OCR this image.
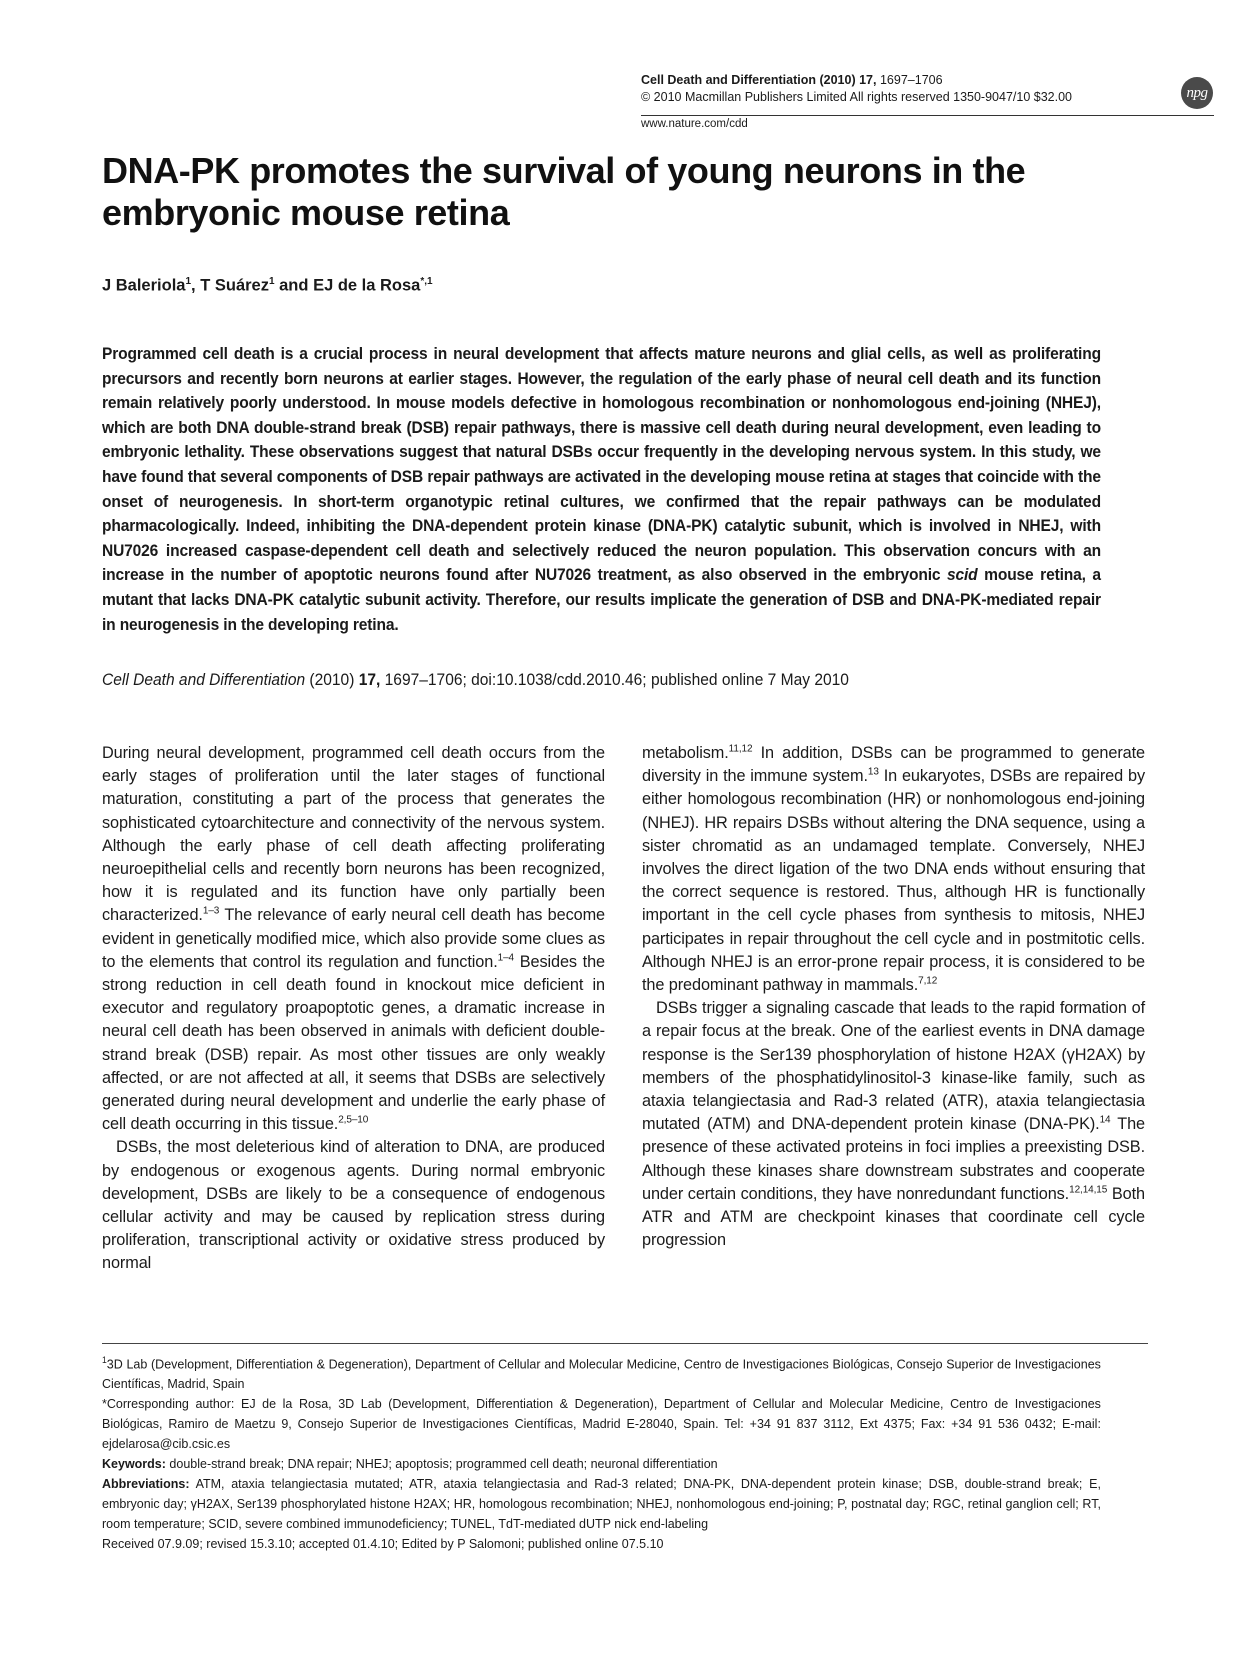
Cell Death and Differentiation (2010) 17, 1697–1706
© 2010 Macmillan Publishers Limited All rights reserved 1350-9047/10 $32.00	npg
www.nature.com/cdd
DNA-PK promotes the survival of young neurons in the embryonic mouse retina
J Baleriola$^1$, T Suárez$^1$ and EJ de la Rosa$^{*,1}$

Programmed cell death is a crucial process in neural development that affects mature neurons and glial cells, as well as proliferating precursors and recently born neurons at earlier stages. However, the regulation of the early phase of neural cell death and its function remain relatively poorly understood. In mouse models defective in homologous recombination or nonhomologous end-joining (NHEJ), which are both DNA double-strand break (DSB) repair pathways, there is massive cell death during neural development, even leading to embryonic lethality. These observations suggest that natural DSBs occur frequently in the developing nervous system. In this study, we have found that several components of DSB repair pathways are activated in the developing mouse retina at stages that coincide with the onset of neurogenesis. In short-term organotypic retinal cultures, we confirmed that the repair pathways can be modulated pharmacologically. Indeed, inhibiting the DNA-dependent protein kinase (DNA-PK) catalytic subunit, which is involved in NHEJ, with NU7026 increased caspase-dependent cell death and selectively reduced the neuron population. This observation concurs with an increase in the number of apoptotic neurons found after NU7026 treatment, as also observed in the embryonic scid mouse retina, a mutant that lacks DNA-PK catalytic subunit activity. Therefore, our results implicate the generation of DSB and DNA-PK-mediated repair in neurogenesis in the developing retina.

Cell Death and Differentiation (2010) 17, 1697–1706; doi:10.1038/cdd.2010.46; published online 7 May 2010

During neural development, programmed cell death occurs from the early stages of proliferation until the later stages of functional maturation, constituting a part of the process that generates the sophisticated cytoarchitecture and connectivity of the nervous system. Although the early phase of cell death affecting proliferating neuroepithelial cells and recently born neurons has been recognized, how it is regulated and its function have only partially been characterized.$^{1-3}$ The relevance of early neural cell death has become evident in genetically modified mice, which also provide some clues as to the elements that control its regulation and function.$^{1-4}$ Besides the strong reduction in cell death found in knockout mice deficient in executor and regulatory proapoptotic genes, a dramatic increase in neural cell death has been observed in animals with deficient double-strand break (DSB) repair. As most other tissues are only weakly affected, or are not affected at all, it seems that DSBs are selectively generated during neural development and underlie the early phase of cell death occurring in this tissue.$^{2,5-10}$

DSBs, the most deleterious kind of alteration to DNA, are produced by endogenous or exogenous agents. During normal embryonic development, DSBs are likely to be a consequence of endogenous cellular activity and may be caused by replication stress during proliferation, transcriptional activity or oxidative stress produced by normal

metabolism.$^{11,12}$ In addition, DSBs can be programmed to generate diversity in the immune system.$^{13}$ In eukaryotes, DSBs are repaired by either homologous recombination (HR) or nonhomologous end-joining (NHEJ). HR repairs DSBs without altering the DNA sequence, using a sister chromatid as an undamaged template. Conversely, NHEJ involves the direct ligation of the two DNA ends without ensuring that the correct sequence is restored. Thus, although HR is functionally important in the cell cycle phases from synthesis to mitosis, NHEJ participates in repair throughout the cell cycle and in postmitotic cells. Although NHEJ is an error-prone repair process, it is considered to be the predominant pathway in mammals.$^{7,12}$

DSBs trigger a signaling cascade that leads to the rapid formation of a repair focus at the break. One of the earliest events in DNA damage response is the Ser139 phosphorylation of histone H2AX (γH2AX) by members of the phosphatidylinositol-3 kinase-like family, such as ataxia telangiectasia and Rad-3 related (ATR), ataxia telangiectasia mutated (ATM) and DNA-dependent protein kinase (DNA-PK).$^{14}$ The presence of these activated proteins in foci implies a preexisting DSB. Although these kinases share downstream substrates and cooperate under certain conditions, they have nonredundant functions.$^{12,14,15}$ Both ATR and ATM are checkpoint kinases that coordinate cell cycle progression

$^1$3D Lab (Development, Differentiation & Degeneration), Department of Cellular and Molecular Medicine, Centro de Investigaciones Biológicas, Consejo Superior de Investigaciones Científicas, Madrid, Spain

*Corresponding author: EJ de la Rosa, 3D Lab (Development, Differentiation & Degeneration), Department of Cellular and Molecular Medicine, Centro de Investigaciones Biológicas, Ramiro de Maetzu 9, Consejo Superior de Investigaciones Científicas, Madrid E-28040, Spain. Tel: +34 91 837 3112, Ext 4375; Fax: +34 91 536 0432; E-mail: ejdelarosa@cib.csic.es

Keywords: double-strand break; DNA repair; NHEJ; apoptosis; programmed cell death; neuronal differentiation

Abbreviations: ATM, ataxia telangiectasia mutated; ATR, ataxia telangiectasia and Rad-3 related; DNA-PK, DNA-dependent protein kinase; DSB, double-strand break; E, embryonic day; γH2AX, Ser139 phosphorylated histone H2AX; HR, homologous recombination; NHEJ, nonhomologous end-joining; P, postnatal day; RGC, retinal ganglion cell; RT, room temperature; SCID, severe combined immunodeficiency; TUNEL, TdT-mediated dUTP nick end-labeling

Received 07.9.09; revised 15.3.10; accepted 01.4.10; Edited by P Salomoni; published online 07.5.10
